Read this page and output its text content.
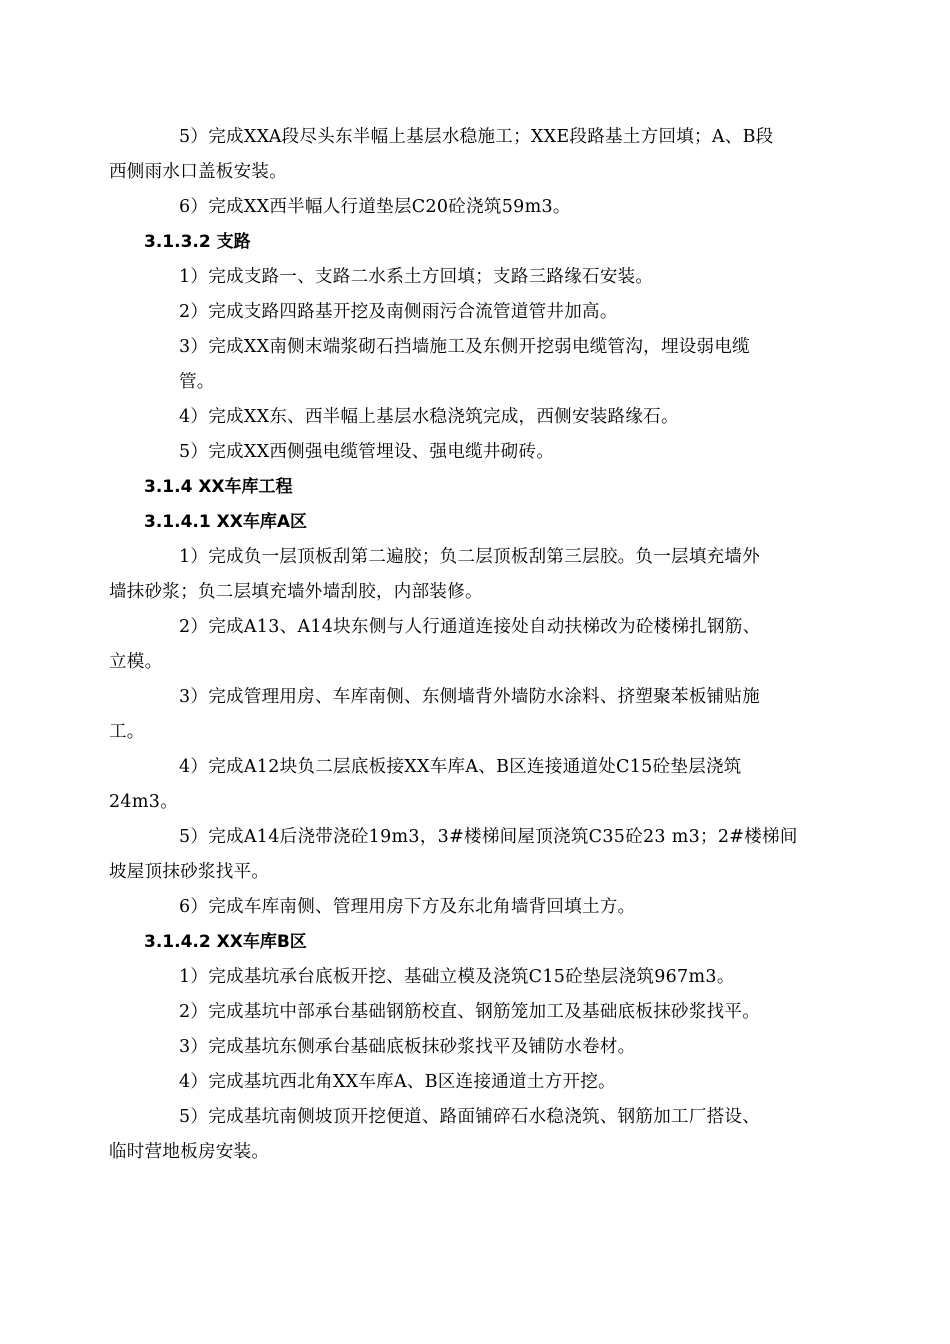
5）完成XXA段尽头东半幅上基层水稳施工；XXE段路基土方回填；A、B段
西侧雨水口盖板安装。

6）完成XX西半幅人行道垫层C20砼浇筑59m3。

3.1.3.2 支路

1）完成支路一、支路二水系土方回填；支路三路缘石安装。

2）完成支路四路基开挖及南侧雨污合流管道管井加高。

3）完成XX南侧末端浆砌石挡墙施工及东侧开挖弱电缆管沟，埋设弱电缆
管。

4）完成XX东、西半幅上基层水稳浇筑完成，西侧安装路缘石。

5）完成XX西侧强电缆管埋设、强电缆井砌砖。

3.1.4 XX车库工程

3.1.4.1 XX车库A区

1）完成负一层顶板刮第二遍胶；负二层顶板刮第三层胶。负一层填充墙外
墙抹砂浆；负二层填充墙外墙刮胶，内部装修。

2）完成A13、A14块东侧与人行通道连接处自动扶梯改为砼楼梯扎钢筋、
立模。

3）完成管理用房、车库南侧、东侧墙背外墙防水涂料、挤塑聚苯板铺贴施
工。

4）完成A12块负二层底板接XX车库A、B区连接通道处C15砼垫层浇筑
24m3。

5）完成A14后浇带浇砼19m3，3#楼梯间屋顶浇筑C35砼23 m3；2#楼梯间
坡屋顶抹砂浆找平。

6）完成车库南侧、管理用房下方及东北角墙背回填土方。

3.1.4.2 XX车库B区

1）完成基坑承台底板开挖、基础立模及浇筑C15砼垫层浇筑967m3。

2）完成基坑中部承台基础钢筋校直、钢筋笼加工及基础底板抹砂浆找平。

3）完成基坑东侧承台基础底板抹砂浆找平及铺防水卷材。

4）完成基坑西北角XX车库A、B区连接通道土方开挖。

5）完成基坑南侧坡顶开挖便道、路面铺碎石水稳浇筑、钢筋加工厂搭设、
临时营地板房安装。
